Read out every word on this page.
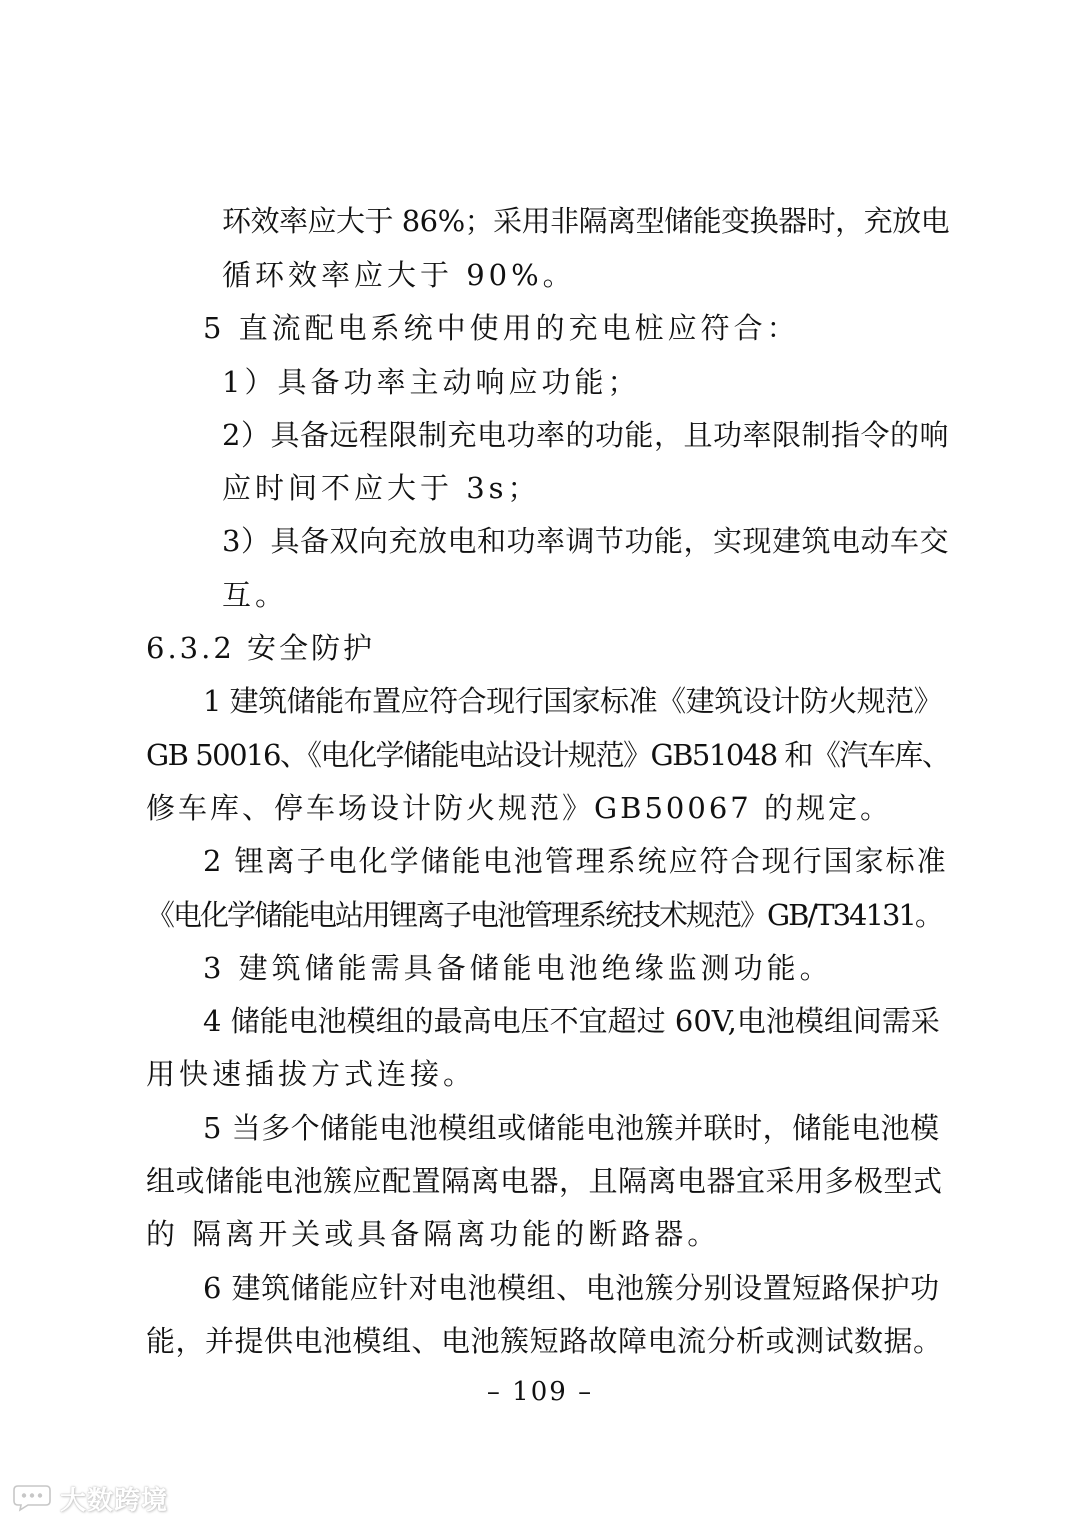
环效率应大于 86%；采用非隔离型储能变换器时，充放电

循环效率应大于 90%。

5 直流配电系统中使用的充电桩应符合：

1）具备功率主动响应功能；

2）具备远程限制充电功率的功能，且功率限制指令的响

应时间不应大于 3s；

3）具备双向充放电和功率调节功能，实现建筑电动车交

互。

6.3.2 安全防护

1 建筑储能布置应符合现行国家标准《建筑设计防火规范》

GB 50016、《电化学储能电站设计规范》GB51048 和《汽车库、

修车库、停车场设计防火规范》GB50067 的规定。

2 锂离子电化学储能电池管理系统应符合现行国家标准

《电化学储能电站用锂离子电池管理系统技术规范》GB/T34131。

3 建筑储能需具备储能电池绝缘监测功能。

4 储能电池模组的最高电压不宜超过 60V,电池模组间需采

用快速插拔方式连接。

5 当多个储能电池模组或储能电池簇并联时，储能电池模

组或储能电池簇应配置隔离电器，且隔离电器宜采用多极型式

的 隔离开关或具备隔离功能的断路器。

6 建筑储能应针对电池模组、电池簇分别设置短路保护功

能，并提供电池模组、电池簇短路故障电流分析或测试数据。

– 109 –
大数跨境
